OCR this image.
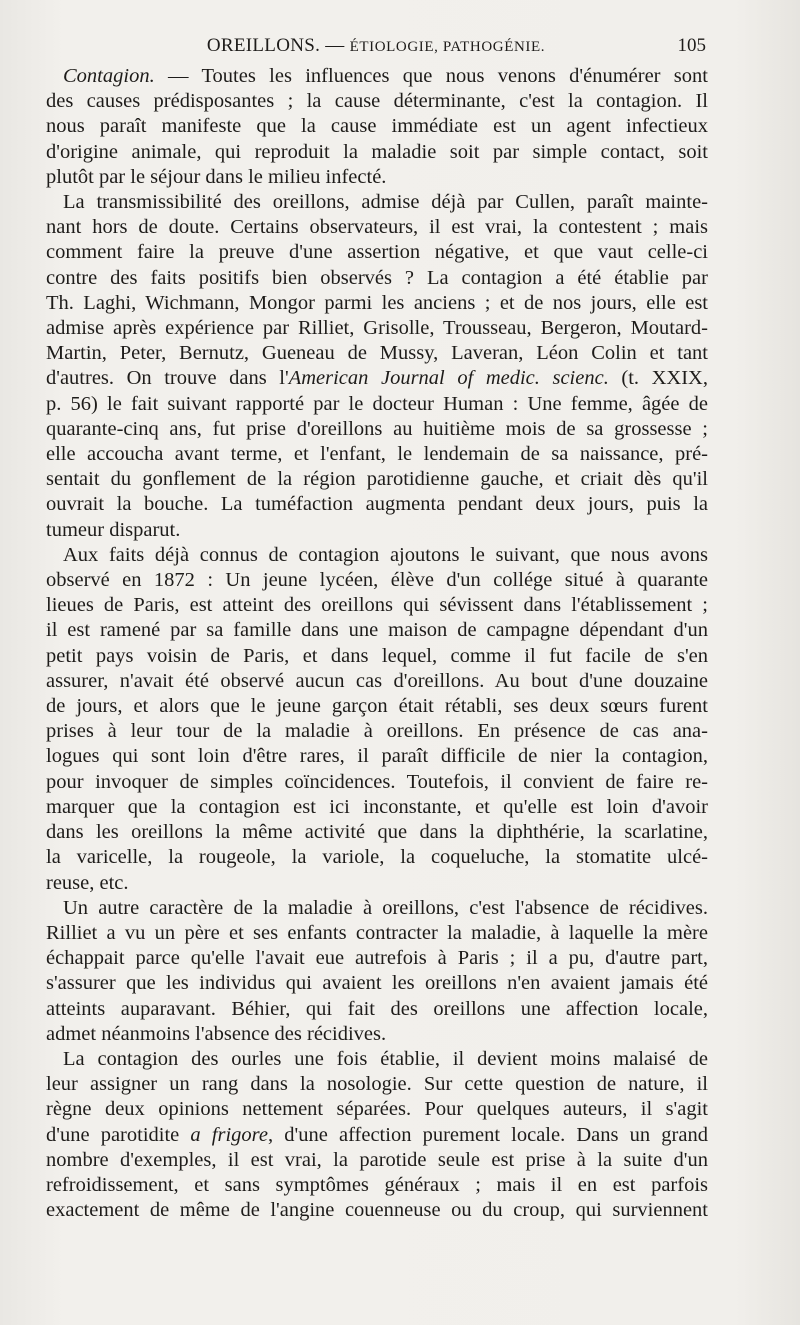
OREILLONS. — ÉTIOLOGIE, PATHOGÉNIE.	105
Contagion. — Toutes les influences que nous venons d'énumérer sont
des causes prédisposantes ; la cause déterminante, c'est la contagion. Il
nous paraît manifeste que la cause immédiate est un agent infectieux
d'origine animale, qui reproduit la maladie soit par simple contact, soit
plutôt par le séjour dans le milieu infecté.
La transmissibilité des oreillons, admise déjà par Cullen, paraît mainte-
nant hors de doute. Certains observateurs, il est vrai, la contestent ; mais
comment faire la preuve d'une assertion négative, et que vaut celle-ci
contre des faits positifs bien observés ? La contagion a été établie par
Th. Laghi, Wichmann, Mongor parmi les anciens ; et de nos jours, elle est
admise après expérience par Rilliet, Grisolle, Trousseau, Bergeron, Moutard-
Martin, Peter, Bernutz, Gueneau de Mussy, Laveran, Léon Colin et tant
d'autres. On trouve dans l'American Journal of medic. scienc. (t. XXIX,
p. 56) le fait suivant rapporté par le docteur Human : Une femme, âgée de
quarante-cinq ans, fut prise d'oreillons au huitième mois de sa grossesse ;
elle accoucha avant terme, et l'enfant, le lendemain de sa naissance, pré-
sentait du gonflement de la région parotidienne gauche, et criait dès qu'il
ouvrait la bouche. La tuméfaction augmenta pendant deux jours, puis la
tumeur disparut.
Aux faits déjà connus de contagion ajoutons le suivant, que nous avons
observé en 1872 : Un jeune lycéen, élève d'un collége situé à quarante
lieues de Paris, est atteint des oreillons qui sévissent dans l'établissement ;
il est ramené par sa famille dans une maison de campagne dépendant d'un
petit pays voisin de Paris, et dans lequel, comme il fut facile de s'en
assurer, n'avait été observé aucun cas d'oreillons. Au bout d'une douzaine
de jours, et alors que le jeune garçon était rétabli, ses deux sœurs furent
prises à leur tour de la maladie à oreillons. En présence de cas ana-
logues qui sont loin d'être rares, il paraît difficile de nier la contagion,
pour invoquer de simples coïncidences. Toutefois, il convient de faire re-
marquer que la contagion est ici inconstante, et qu'elle est loin d'avoir
dans les oreillons la même activité que dans la diphthérie, la scarlatine,
la varicelle, la rougeole, la variole, la coqueluche, la stomatite ulcé-
reuse, etc.
Un autre caractère de la maladie à oreillons, c'est l'absence de récidives.
Rilliet a vu un père et ses enfants contracter la maladie, à laquelle la mère
échappait parce qu'elle l'avait eue autrefois à Paris ; il a pu, d'autre part,
s'assurer que les individus qui avaient les oreillons n'en avaient jamais été
atteints auparavant. Béhier, qui fait des oreillons une affection locale,
admet néanmoins l'absence des récidives.
La contagion des ourles une fois établie, il devient moins malaisé de
leur assigner un rang dans la nosologie. Sur cette question de nature, il
règne deux opinions nettement séparées. Pour quelques auteurs, il s'agit
d'une parotidite a frigore, d'une affection purement locale. Dans un grand
nombre d'exemples, il est vrai, la parotide seule est prise à la suite d'un
refroidissement, et sans symptômes généraux ; mais il en est parfois
exactement de même de l'angine couenneuse ou du croup, qui surviennent
